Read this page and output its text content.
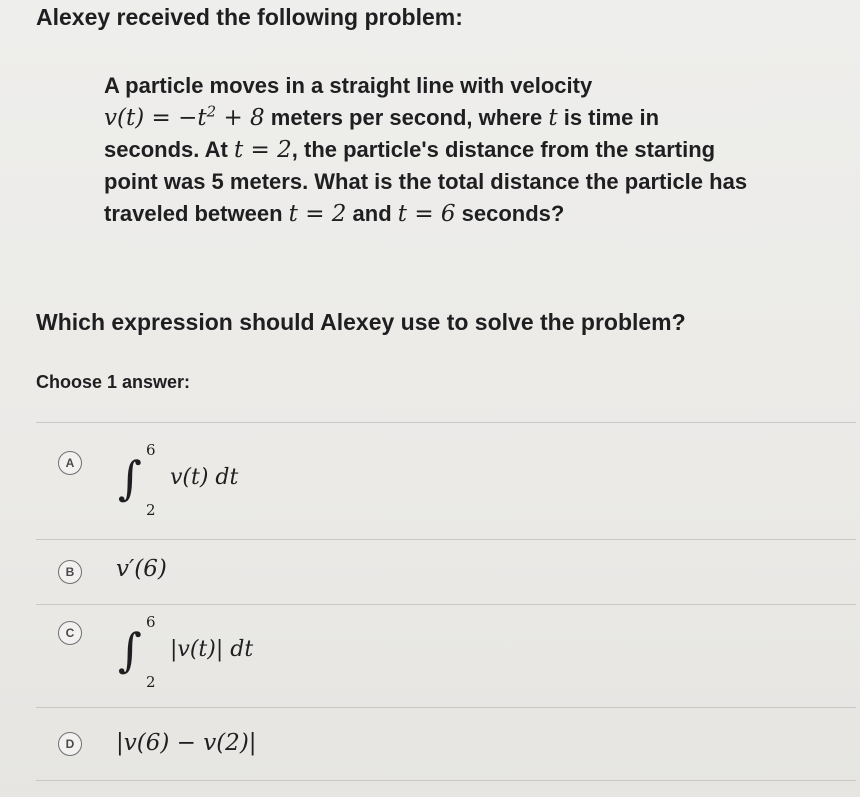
Alexey received the following problem:
A particle moves in a straight line with velocity
$v(t) = -t^2 + 8$ meters per second, where t is time in
seconds. At t = 2, the particle's distance from the starting
point was 5 meters. What is the total distance the particle has
traveled between t = 2 and t = 6 seconds?
Which expression should Alexey use to solve the problem?
Choose 1 answer:
A ∫
6
2
v(t) dt
B	v′(6)
C ∫
6
2
|v(t)| dt
D	|v(6) − v(2)|
